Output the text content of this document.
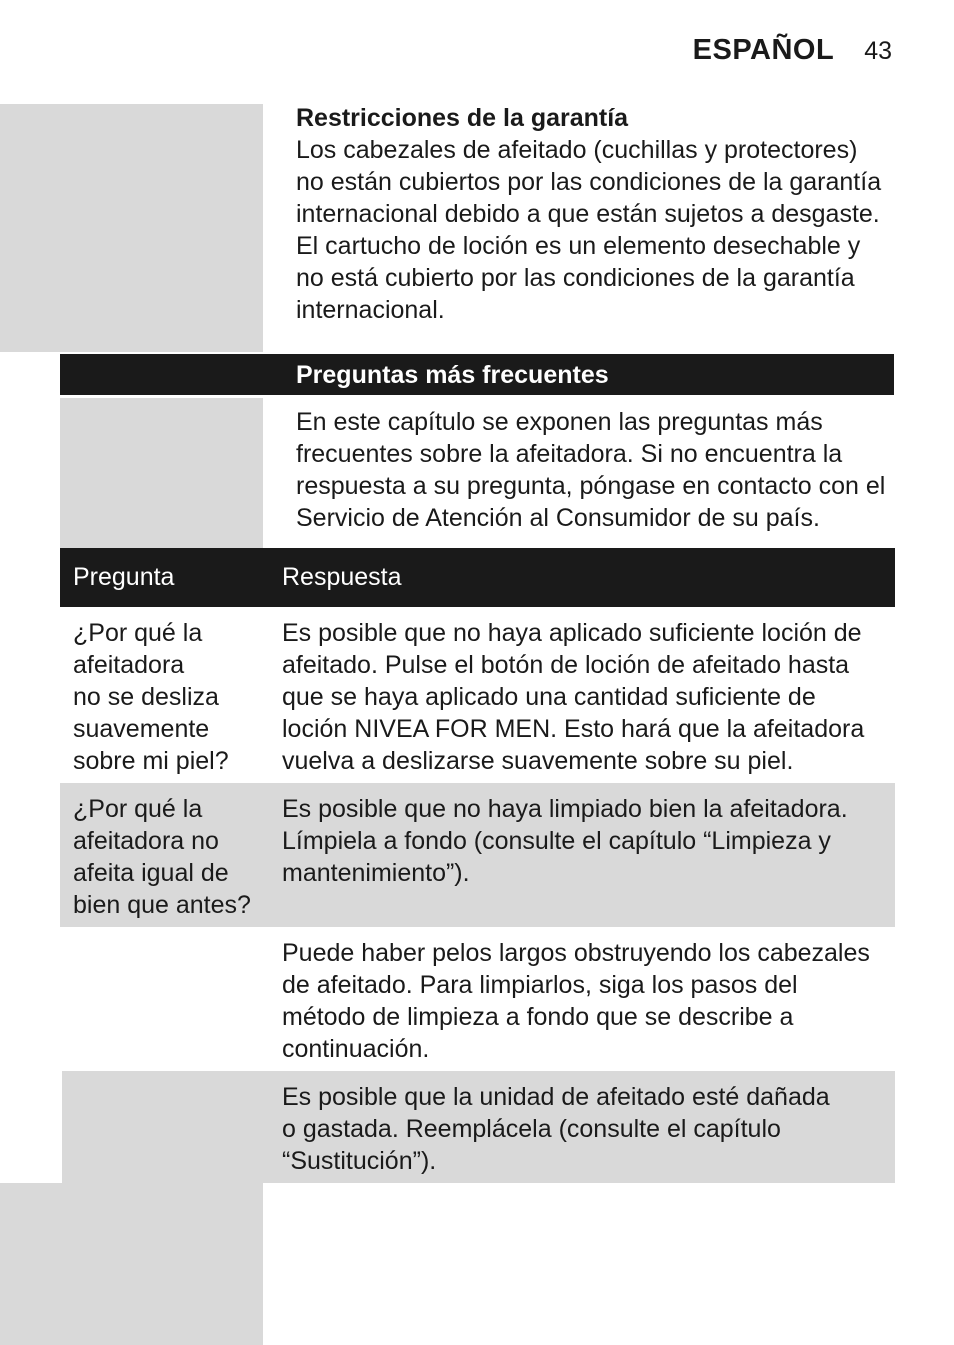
ESPAÑOL 43

Restricciones de la garantía

Los cabezales de afeitado (cuchillas y protectores)

no están cubiertos por las condiciones de la garantía

internacional debido a que están sujetos a desgaste.

El cartucho de loción es un elemento desechable y

no está cubierto por las condiciones de la garantía

internacional.

Preguntas más frecuentes

En este capítulo se exponen las preguntas más

frecuentes sobre la afeitadora. Si no encuentra la

respuesta a su pregunta, póngase en contacto con el

Servicio de Atención al Consumidor de su país.

Pregunta	Respuesta
¿Por qué la
afeitadora
no se desliza
suavemente
sobre mi piel?
Es posible que no haya aplicado suficiente loción de
afeitado. Pulse el botón de loción de afeitado hasta
que se haya aplicado una cantidad suficiente de
loción NIVEA FOR MEN. Esto hará que la afeitadora
vuelva a deslizarse suavemente sobre su piel.
¿Por qué la
afeitadora no
afeita igual de
bien que antes?
Es posible que no haya limpiado bien la afeitadora.
Límpiela a fondo (consulte el capítulo “Limpieza y
mantenimiento”).
Puede haber pelos largos obstruyendo los cabezales
de afeitado. Para limpiarlos, siga los pasos del
método de limpieza a fondo que se describe a
continuación.
Es posible que la unidad de afeitado esté dañada
o gastada. Reemplácela (consulte el capítulo
“Sustitución”).
